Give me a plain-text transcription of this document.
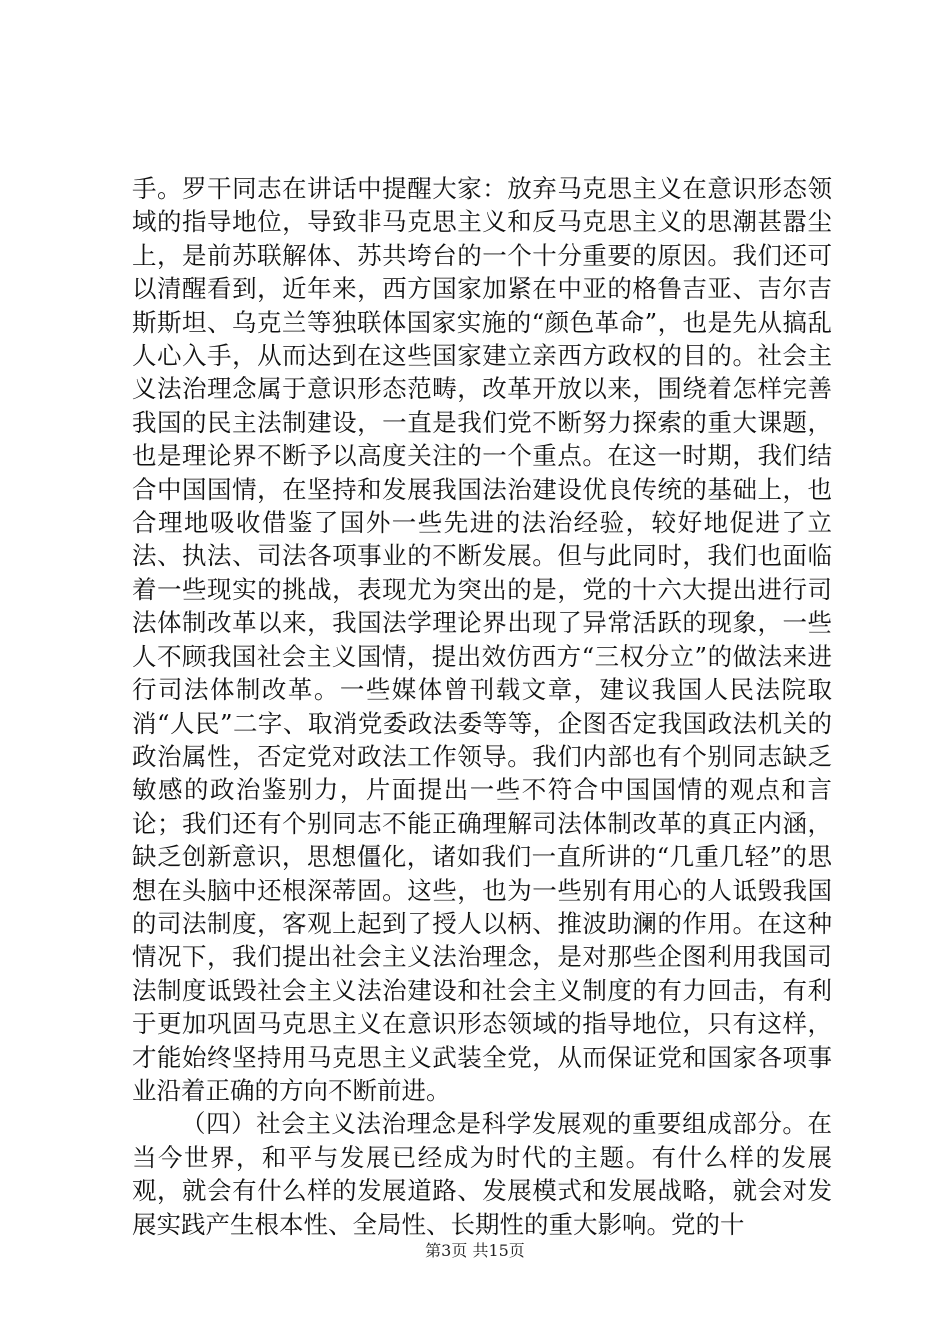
手。罗干同志在讲话中提醒大家：放弃马克思主义在意识形态领域的指导地位，导致非马克思主义和反马克思主义的思潮甚嚣尘上，是前苏联解体、苏共垮台的一个十分重要的原因。我们还可以清醒看到，近年来，西方国家加紧在中亚的格鲁吉亚、吉尔吉斯斯坦、乌克兰等独联体国家实施的“颜色革命”，也是先从搞乱人心入手，从而达到在这些国家建立亲西方政权的目的。社会主义法治理念属于意识形态范畴，改革开放以来，围绕着怎样完善我国的民主法制建设，一直是我们党不断努力探索的重大课题，也是理论界不断予以高度关注的一个重点。在这一时期，我们结合中国国情，在坚持和发展我国法治建设优良传统的基础上，也合理地吸收借鉴了国外一些先进的法治经验，较好地促进了立法、执法、司法各项事业的不断发展。但与此同时，我们也面临着一些现实的挑战，表现尤为突出的是，党的十六大提出进行司法体制改革以来，我国法学理论界出现了异常活跃的现象，一些人不顾我国社会主义国情，提出效仿西方“三权分立”的做法来进行司法体制改革。一些媒体曾刊载文章，建议我国人民法院取消“人民”二字、取消党委政法委等等，企图否定我国政法机关的政治属性，否定党对政法工作领导。我们内部也有个别同志缺乏敏感的政治鉴别力，片面提出一些不符合中国国情的观点和言论；我们还有个别同志不能正确理解司法体制改革的真正内涵，缺乏创新意识，思想僵化，诸如我们一直所讲的“几重几轻”的思想在头脑中还根深蒂固。这些，也为一些别有用心的人诋毁我国的司法制度，客观上起到了授人以柄、推波助澜的作用。在这种情况下，我们提出社会主义法治理念，是对那些企图利用我国司法制度诋毁社会主义法治建设和社会主义制度的有力回击，有利于更加巩固马克思主义在意识形态领域的指导地位，只有这样，才能始终坚持用马克思主义武装全党，从而保证党和国家各项事业沿着正确的方向不断前进。

（四）社会主义法治理念是科学发展观的重要组成部分。在当今世界，和平与发展已经成为时代的主题。有什么样的发展观，就会有什么样的发展道路、发展模式和发展战略，就会对发展实践产生根本性、全局性、长期性的重大影响。党的十

第3页 共15页
